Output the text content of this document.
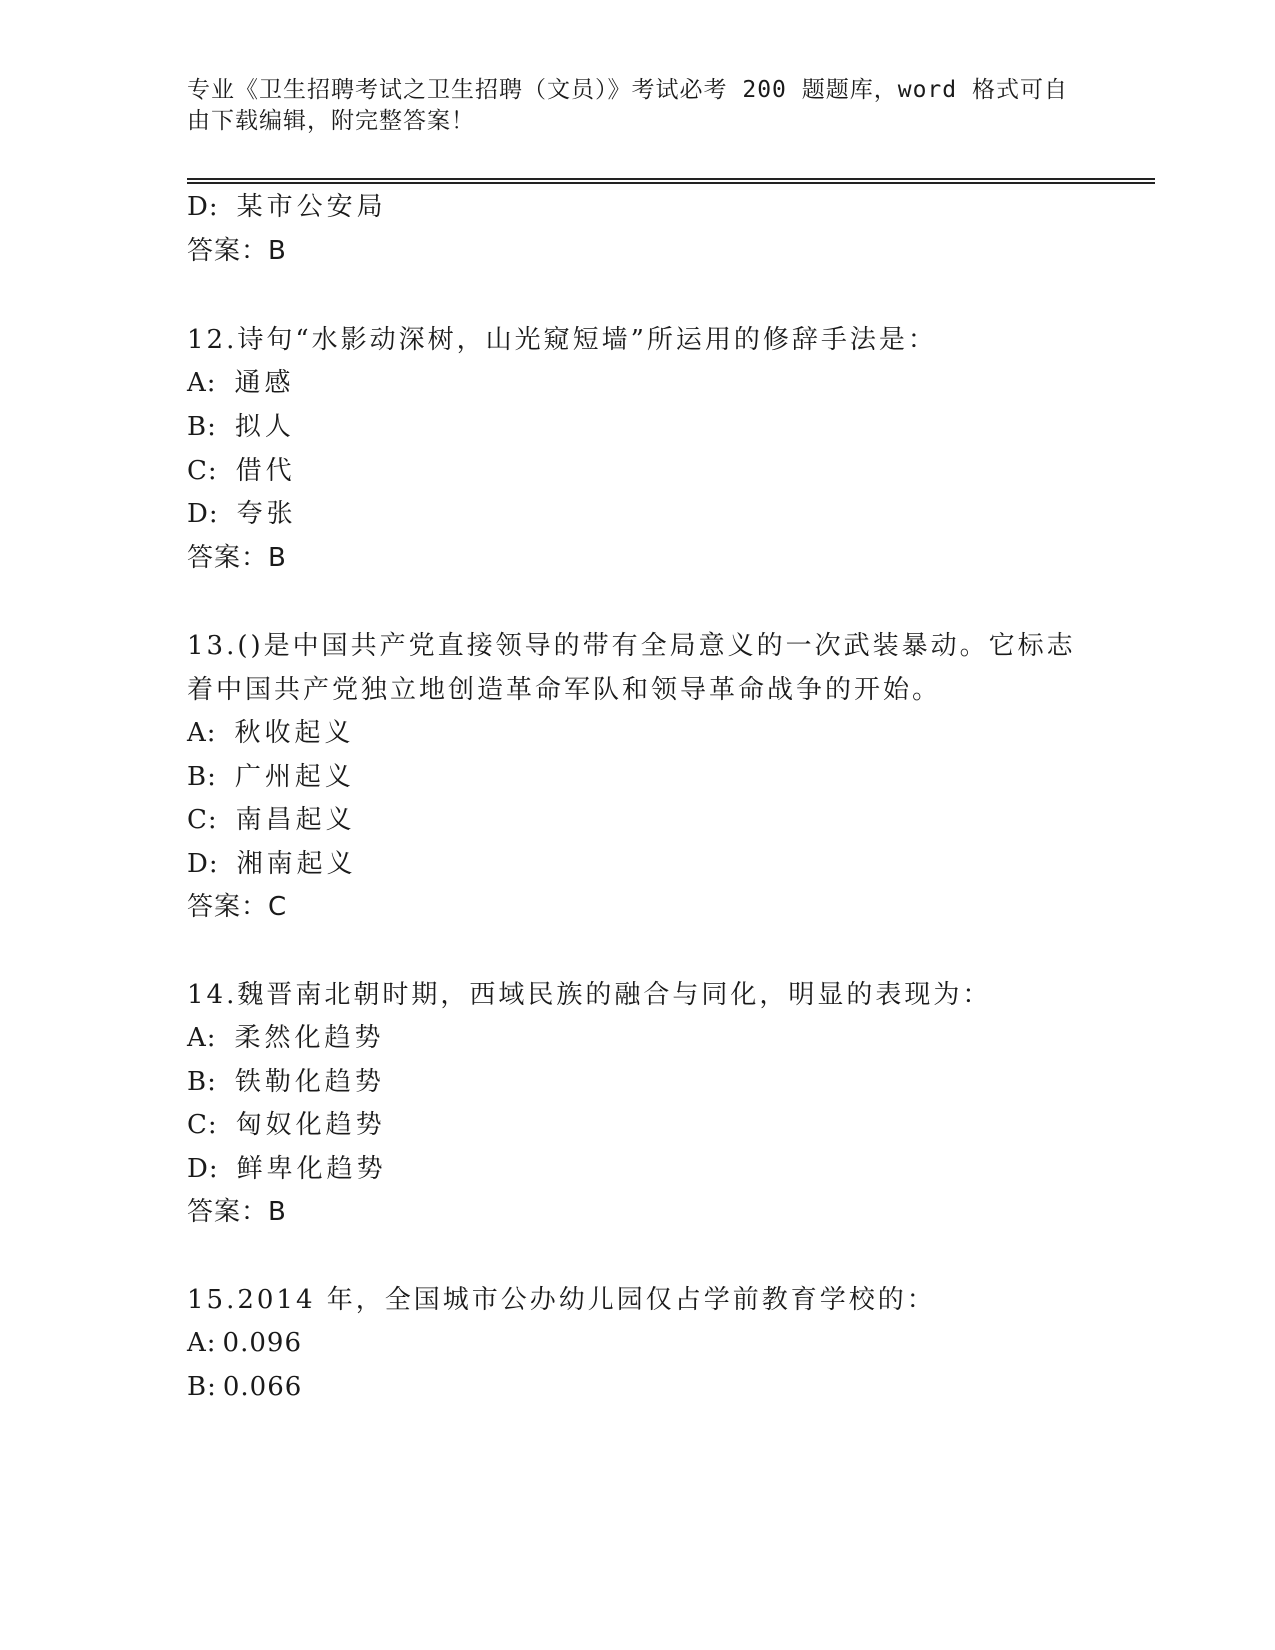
专业《卫生招聘考试之卫生招聘（文员）》考试必考 200 题题库，word 格式可自
由下载编辑，附完整答案！
D: 某市公安局
答案：B
12.诗句“水影动深树，山光窥短墙”所运用的修辞手法是：
A: 通感
B: 拟人
C: 借代
D: 夸张
答案：B
13.()是中国共产党直接领导的带有全局意义的一次武装暴动。它标志
着中国共产党独立地创造革命军队和领导革命战争的开始。
A: 秋收起义
B: 广州起义
C: 南昌起义
D: 湘南起义
答案：C
14.魏晋南北朝时期，西域民族的融合与同化，明显的表现为：
A: 柔然化趋势
B: 铁勒化趋势
C: 匈奴化趋势
D: 鲜卑化趋势
答案：B
15.2014 年，全国城市公办幼儿园仅占学前教育学校的：
A: 0.096
B: 0.066
